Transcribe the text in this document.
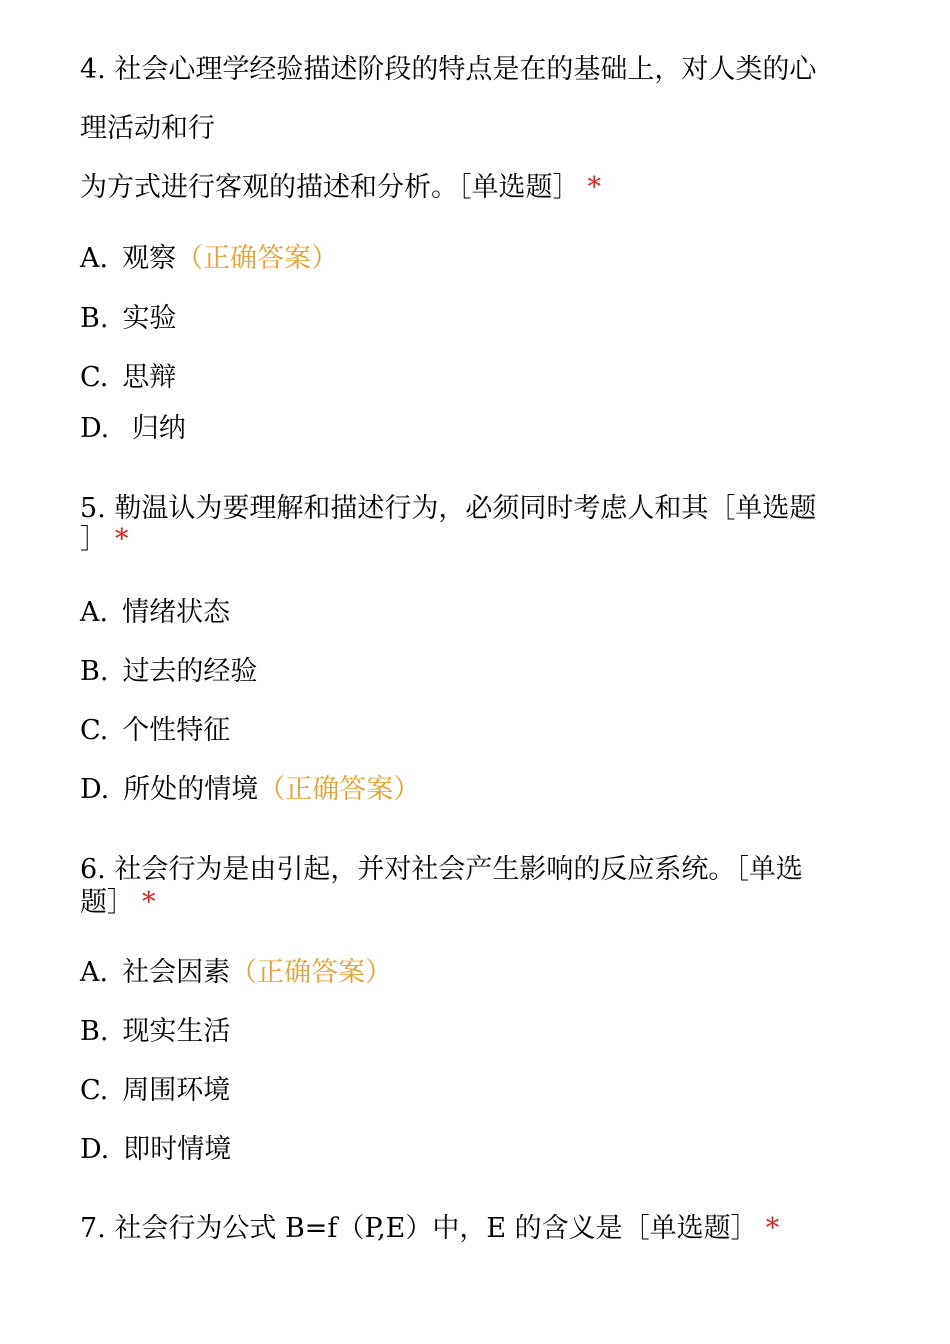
4. 社会心理学经验描述阶段的特点是在的基础上，对人类的心
理活动和行
为方式进行客观的描述和分析。［单选题］ *
A. 观察（正确答案）
B. 实验
C. 思辩
D. 归纳
5. 勒温认为要理解和描述行为，必须同时考虑人和其［单选题
］ *
A. 情绪状态
B. 过去的经验
C. 个性特征
D. 所处的情境（正确答案）
6. 社会行为是由引起，并对社会产生影响的反应系统。［单选
题］ *
A. 社会因素（正确答案）
B. 现实生活
C. 周围环境
D. 即时情境
7. 社会行为公式 B=f（P,E）中，E 的含义是［单选题］ *
